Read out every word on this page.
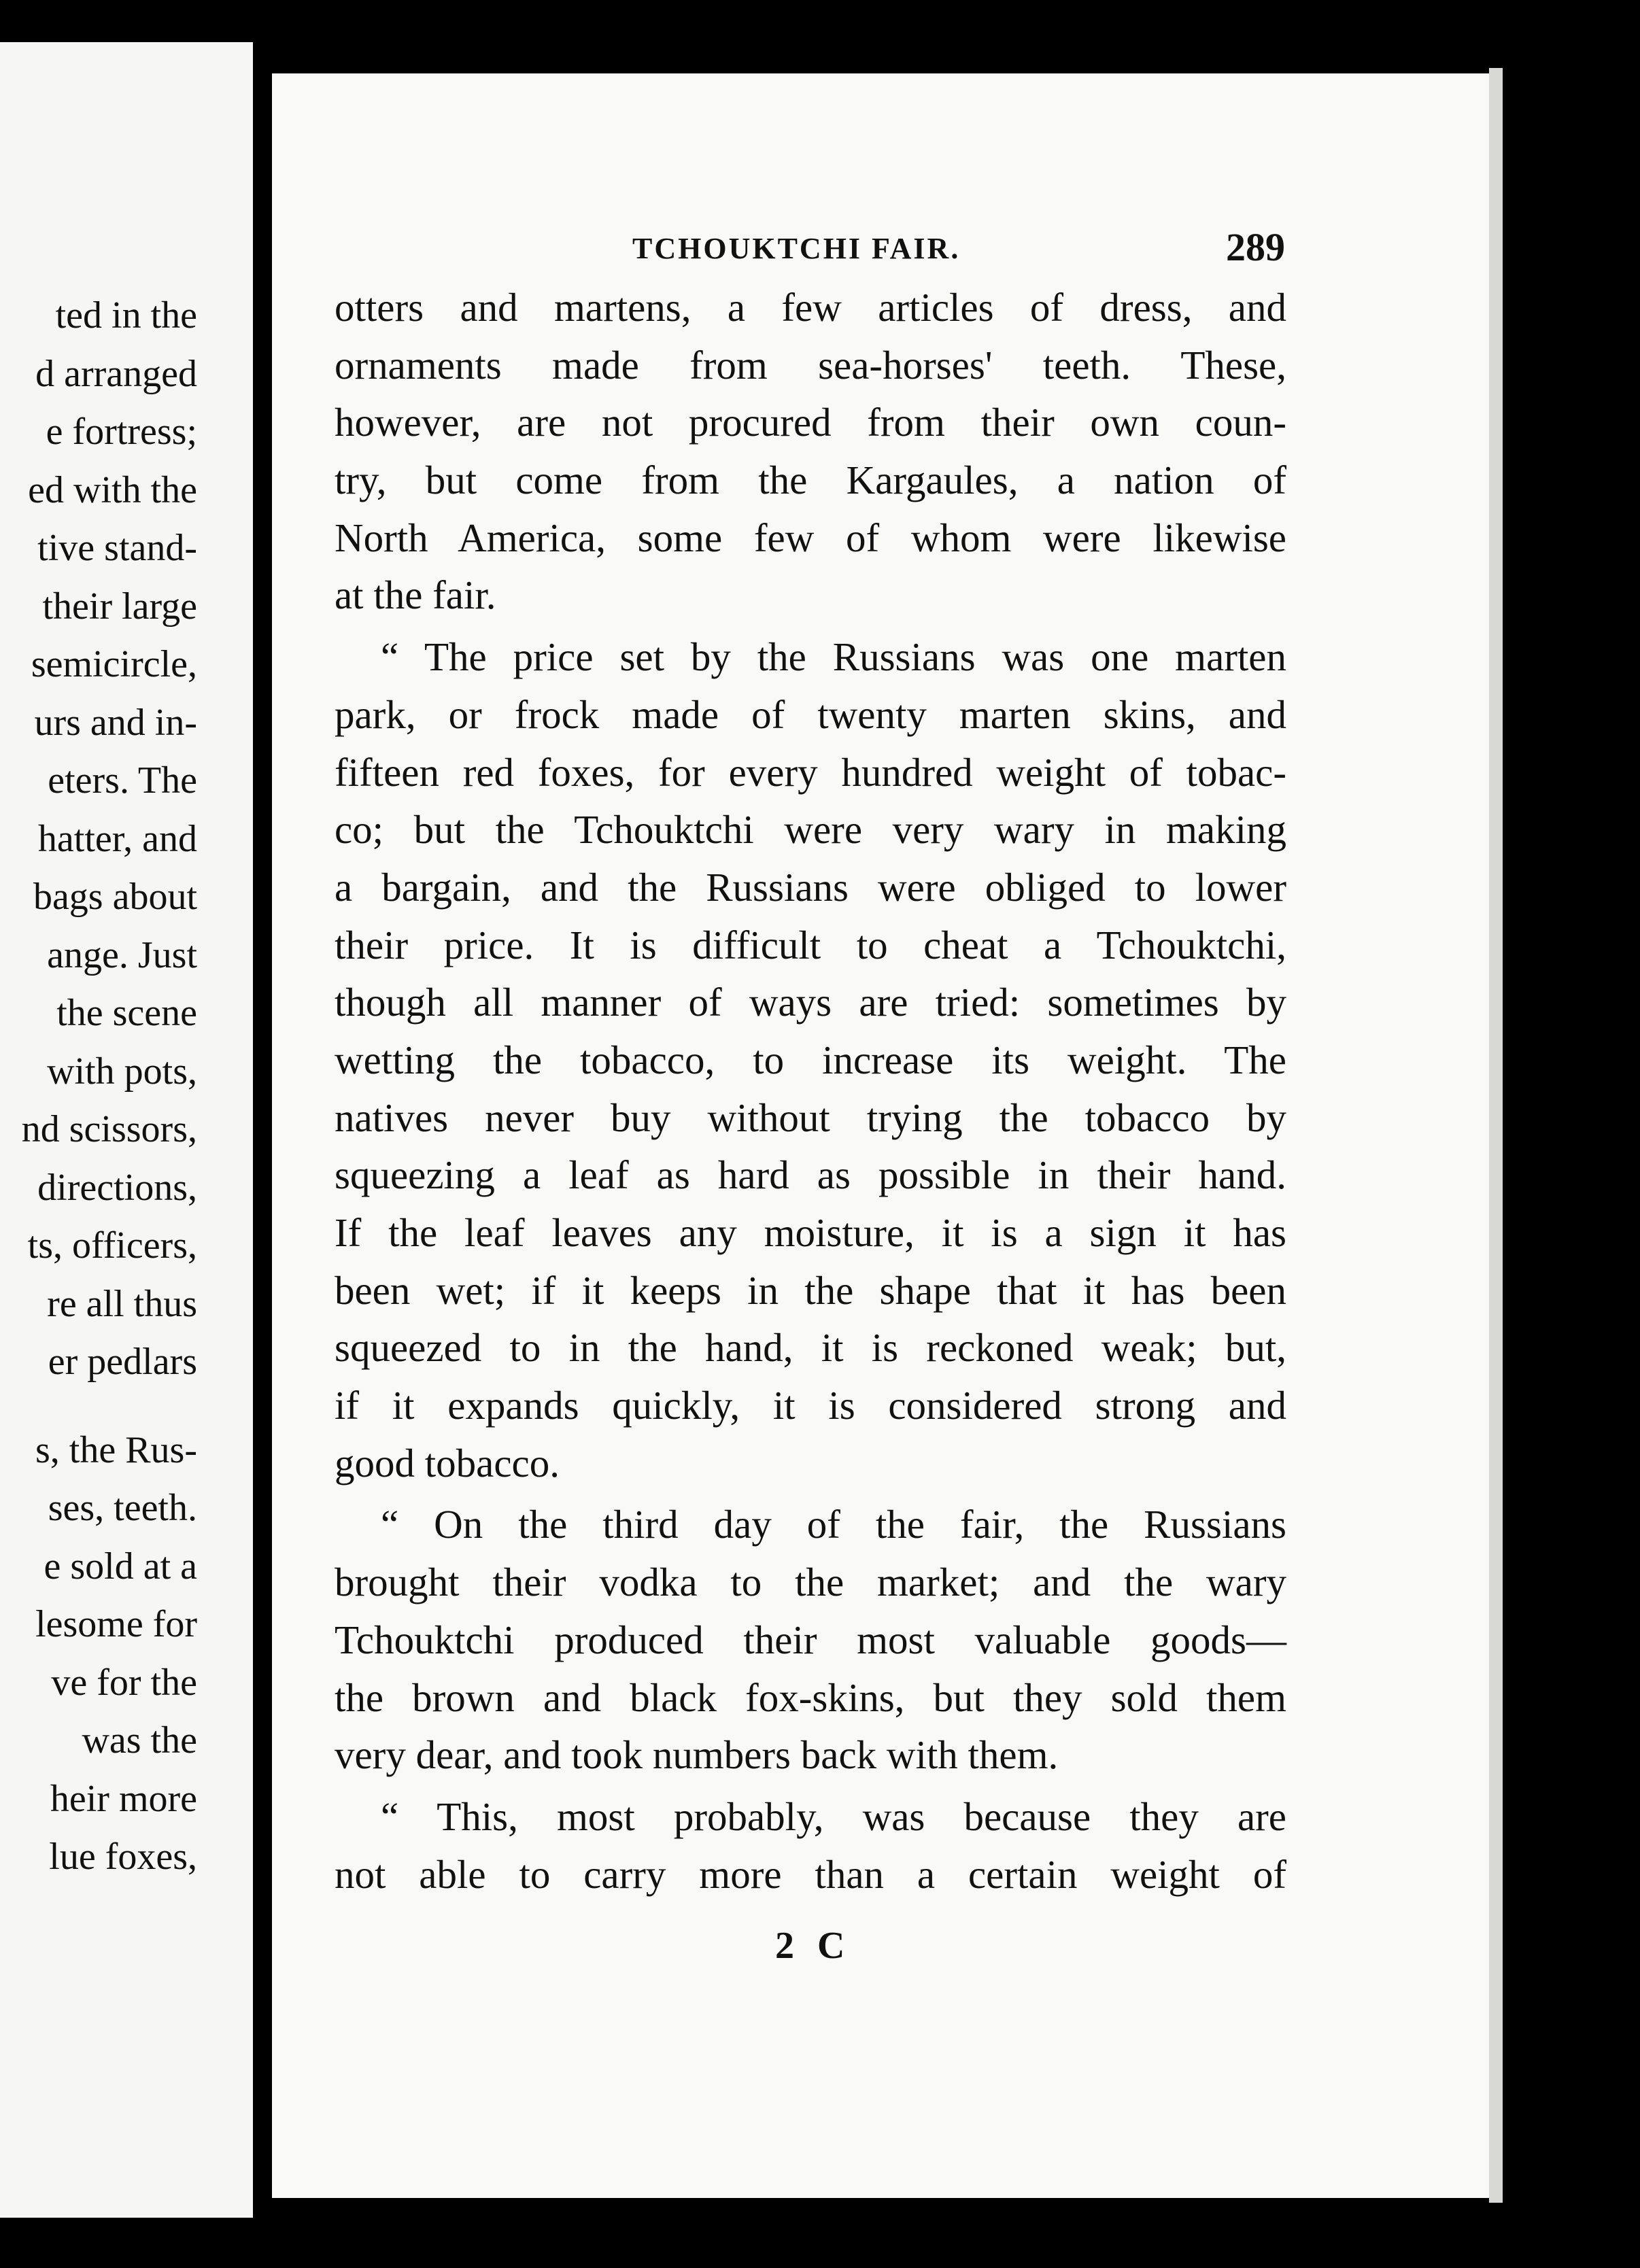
ted in the
d arranged
e fortress;
ed with the
tive stand-
their large
semicircle,
urs and in-
eters. The
hatter, and
bags about
ange. Just
the scene
with pots,
nd scissors,
directions,
ts, officers,
re all thus
er pedlars
s, the Rus-
ses, teeth.
e sold at a
lesome for
ve for the
was the
heir more
lue foxes,
TCHOUKTCHI FAIR.	289
otters and martens, a few articles of dress, and
ornaments made from sea-horses' teeth. These,
however, are not procured from their own coun-
try, but come from the Kargaules, a nation of
North America, some few of whom were likewise
at the fair.
“ The price set by the Russians was one marten
park, or frock made of twenty marten skins, and
fifteen red foxes, for every hundred weight of tobac-
co; but the Tchouktchi were very wary in making
a bargain, and the Russians were obliged to lower
their price. It is difficult to cheat a Tchouktchi,
though all manner of ways are tried: sometimes by
wetting the tobacco, to increase its weight. The
natives never buy without trying the tobacco by
squeezing a leaf as hard as possible in their hand.
If the leaf leaves any moisture, it is a sign it has
been wet; if it keeps in the shape that it has been
squeezed to in the hand, it is reckoned weak; but,
if it expands quickly, it is considered strong and
good tobacco.
“ On the third day of the fair, the Russians
brought their vodka to the market; and the wary
Tchouktchi produced their most valuable goods—
the brown and black fox-skins, but they sold them
very dear, and took numbers back with them.
“ This, most probably, was because they are
not able to carry more than a certain weight of
2 C
